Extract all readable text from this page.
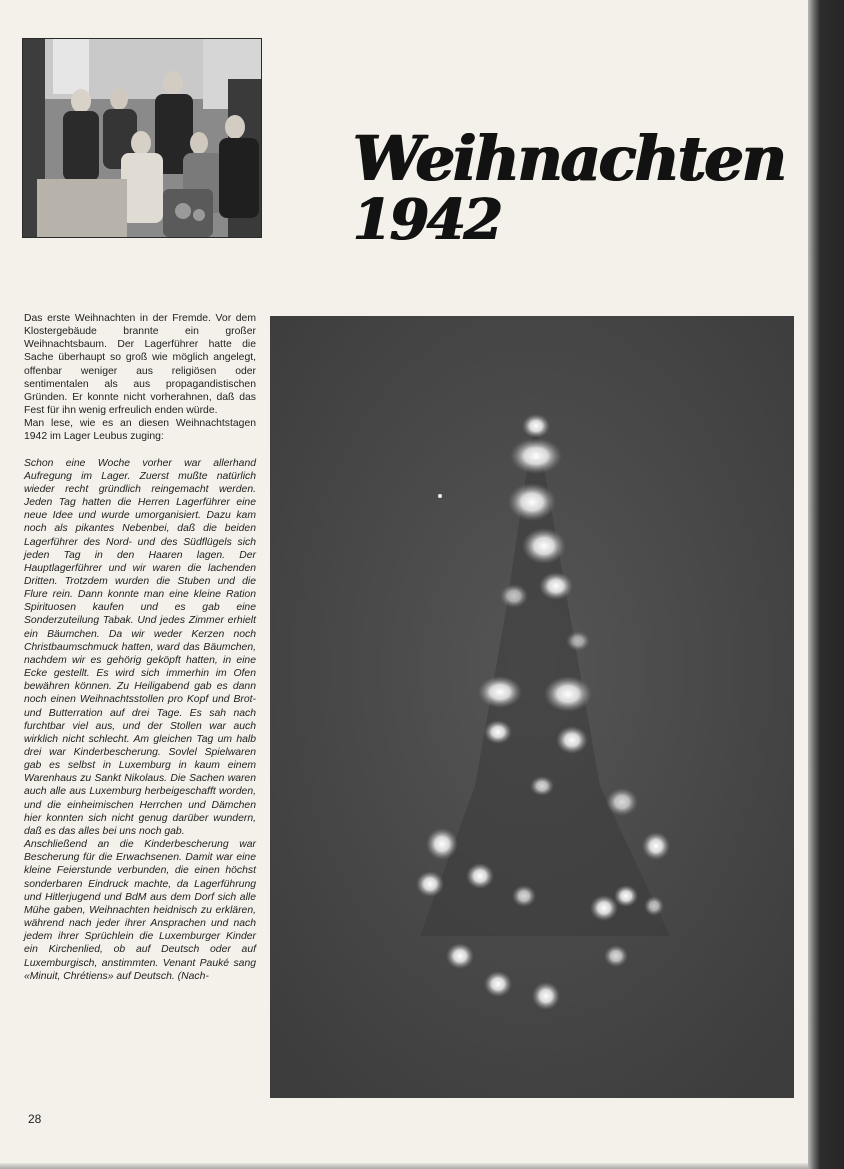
Weihnachten
1942

Das erste Weihnachten in der Fremde. Vor dem Klostergebäude brannte ein großer Weihnachtsbaum. Der Lagerführer hatte die Sache überhaupt so groß wie möglich angelegt, offenbar weniger aus religiösen oder sentimentalen als aus propagandistischen Gründen. Er konnte nicht vorherahnen, daß das Fest für ihn wenig erfreulich enden würde.

Man lese, wie es an diesen Weihnachtstagen 1942 im Lager Leubus zuging:

Schon eine Woche vorher war allerhand Aufregung im Lager. Zuerst mußte natürlich wieder recht gründlich reingemacht werden. Jeden Tag hatten die Herren Lagerführer eine neue Idee und wurde umorganisiert. Dazu kam noch als pikantes Nebenbei, daß die beiden Lagerführer des Nord- und des Südflügels sich jeden Tag in den Haaren lagen. Der Hauptlagerführer und wir waren die lachenden Dritten. Trotzdem wurden die Stuben und die Flure rein. Dann konnte man eine kleine Ration Spirituosen kaufen und es gab eine Sonderzuteilung Tabak. Und jedes Zimmer erhielt ein Bäumchen. Da wir weder Kerzen noch Christbaumschmuck hatten, ward das Bäumchen, nachdem wir es gehörig geköpft hatten, in eine Ecke gestellt. Es wird sich immerhin im Ofen bewähren können. Zu Heiligabend gab es dann noch einen Weihnachtsstollen pro Kopf und Brot- und Butterration auf drei Tage. Es sah nach furchtbar viel aus, und der Stollen war auch wirklich nicht schlecht. Am gleichen Tag um halb drei war Kinderbescherung. Sovlel Spielwaren gab es selbst in Luxemburg in kaum einem Warenhaus zu Sankt Nikolaus. Die Sachen waren auch alle aus Luxemburg herbeigeschafft worden, und die einheimischen Herrchen und Dämchen hier konnten sich nicht genug darüber wundern, daß es das alles bei uns noch gab.

Anschließend an die Kinderbescherung war Bescherung für die Erwachsenen. Damit war eine kleine Feierstunde verbunden, die einen höchst sonderbaren Eindruck machte, da Lagerführung und Hitlerjugend und BdM aus dem Dorf sich alle Mühe gaben, Weihnachten heidnisch zu erklären, während nach jeder ihrer Ansprachen und nach jedem ihrer Sprüchlein die Luxemburger Kinder ein Kirchenlied, ob auf Deutsch oder auf Luxemburgisch, anstimmten. Venant Pauké sang «Minuit, Chrétiens» auf Deutsch. (Nach-

28
